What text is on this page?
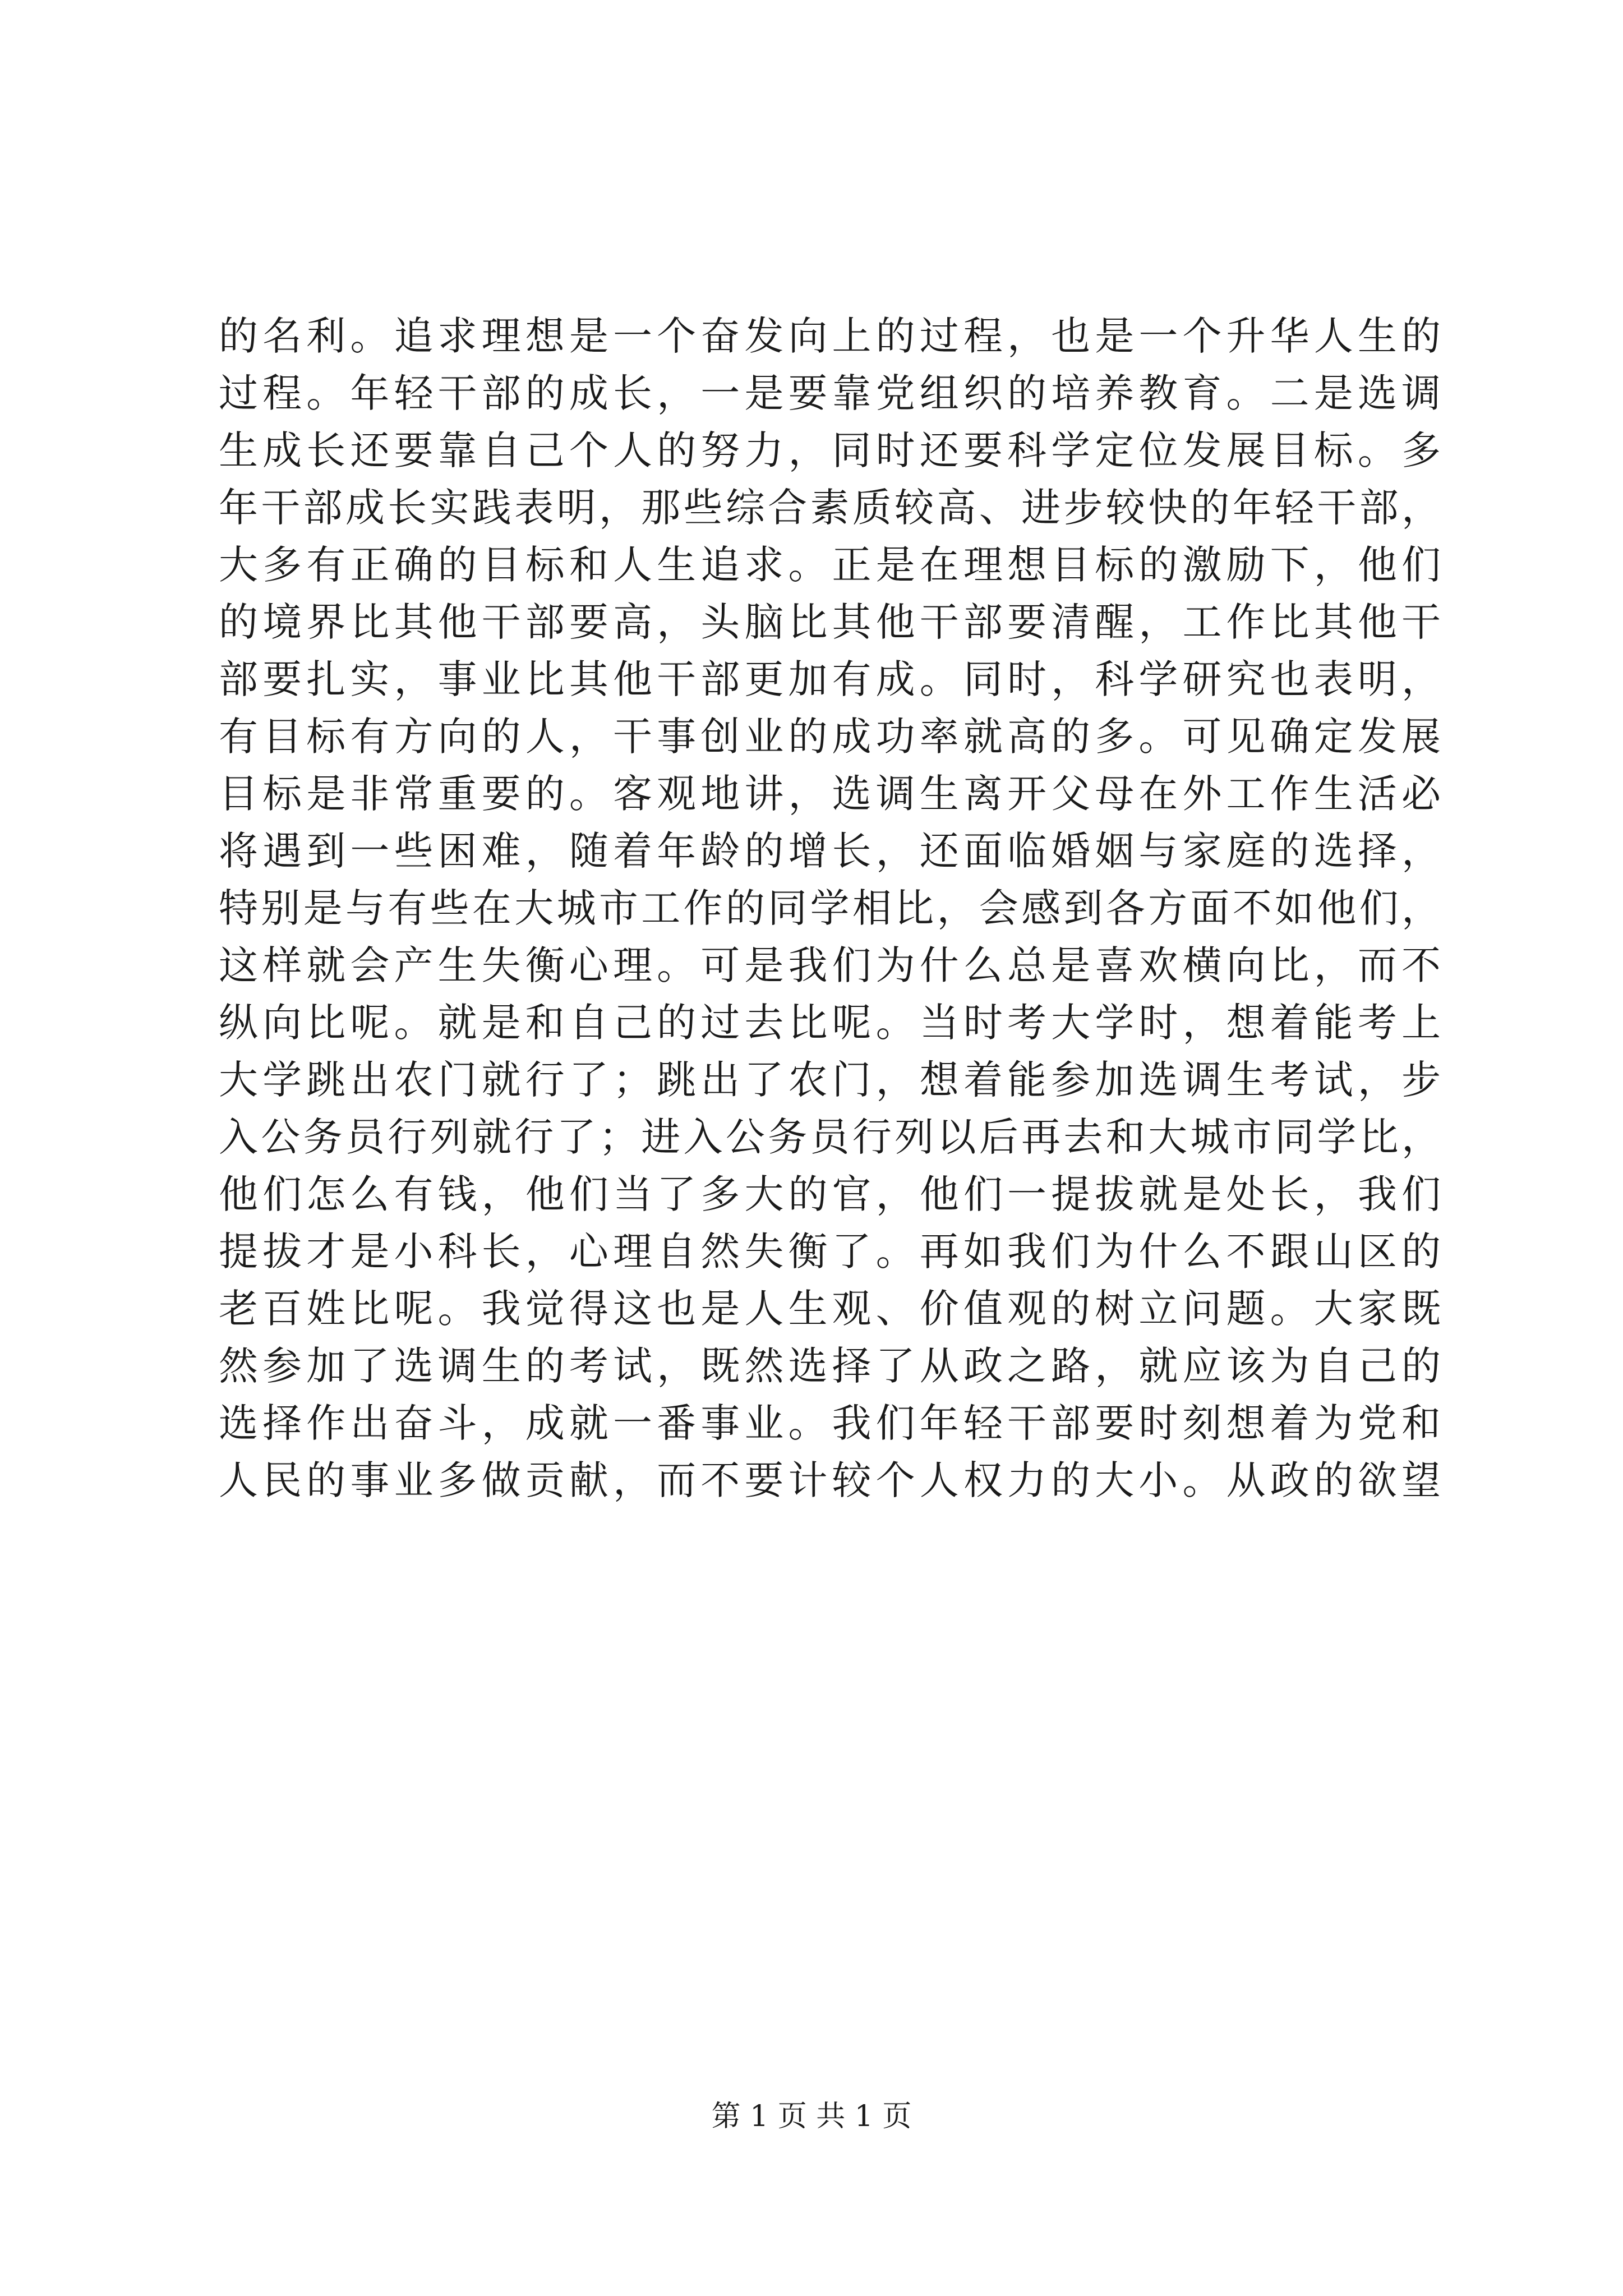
的名利。追求理想是一个奋发向上的过程，也是一个升华人生的
过程。年轻干部的成长，一是要靠党组织的培养教育。二是选调
生成长还要靠自己个人的努力，同时还要科学定位发展目标。多
年干部成长实践表明，那些综合素质较高、进步较快的年轻干部，
大多有正确的目标和人生追求。正是在理想目标的激励下，他们
的境界比其他干部要高，头脑比其他干部要清醒，工作比其他干
部要扎实，事业比其他干部更加有成。同时，科学研究也表明，
有目标有方向的人，干事创业的成功率就高的多。可见确定发展
目标是非常重要的。客观地讲，选调生离开父母在外工作生活必
将遇到一些困难，随着年龄的增长，还面临婚姻与家庭的选择，
特别是与有些在大城市工作的同学相比，会感到各方面不如他们，
这样就会产生失衡心理。可是我们为什么总是喜欢横向比，而不
纵向比呢。就是和自己的过去比呢。当时考大学时，想着能考上
大学跳出农门就行了；跳出了农门，想着能参加选调生考试，步
入公务员行列就行了；进入公务员行列以后再去和大城市同学比，
他们怎么有钱，他们当了多大的官，他们一提拔就是处长，我们
提拔才是小科长，心理自然失衡了。再如我们为什么不跟山区的
老百姓比呢。我觉得这也是人生观、价值观的树立问题。大家既
然参加了选调生的考试，既然选择了从政之路，就应该为自己的
选择作出奋斗，成就一番事业。我们年轻干部要时刻想着为党和
人民的事业多做贡献，而不要计较个人权力的大小。从政的欲望
第 1 页 共 1 页
